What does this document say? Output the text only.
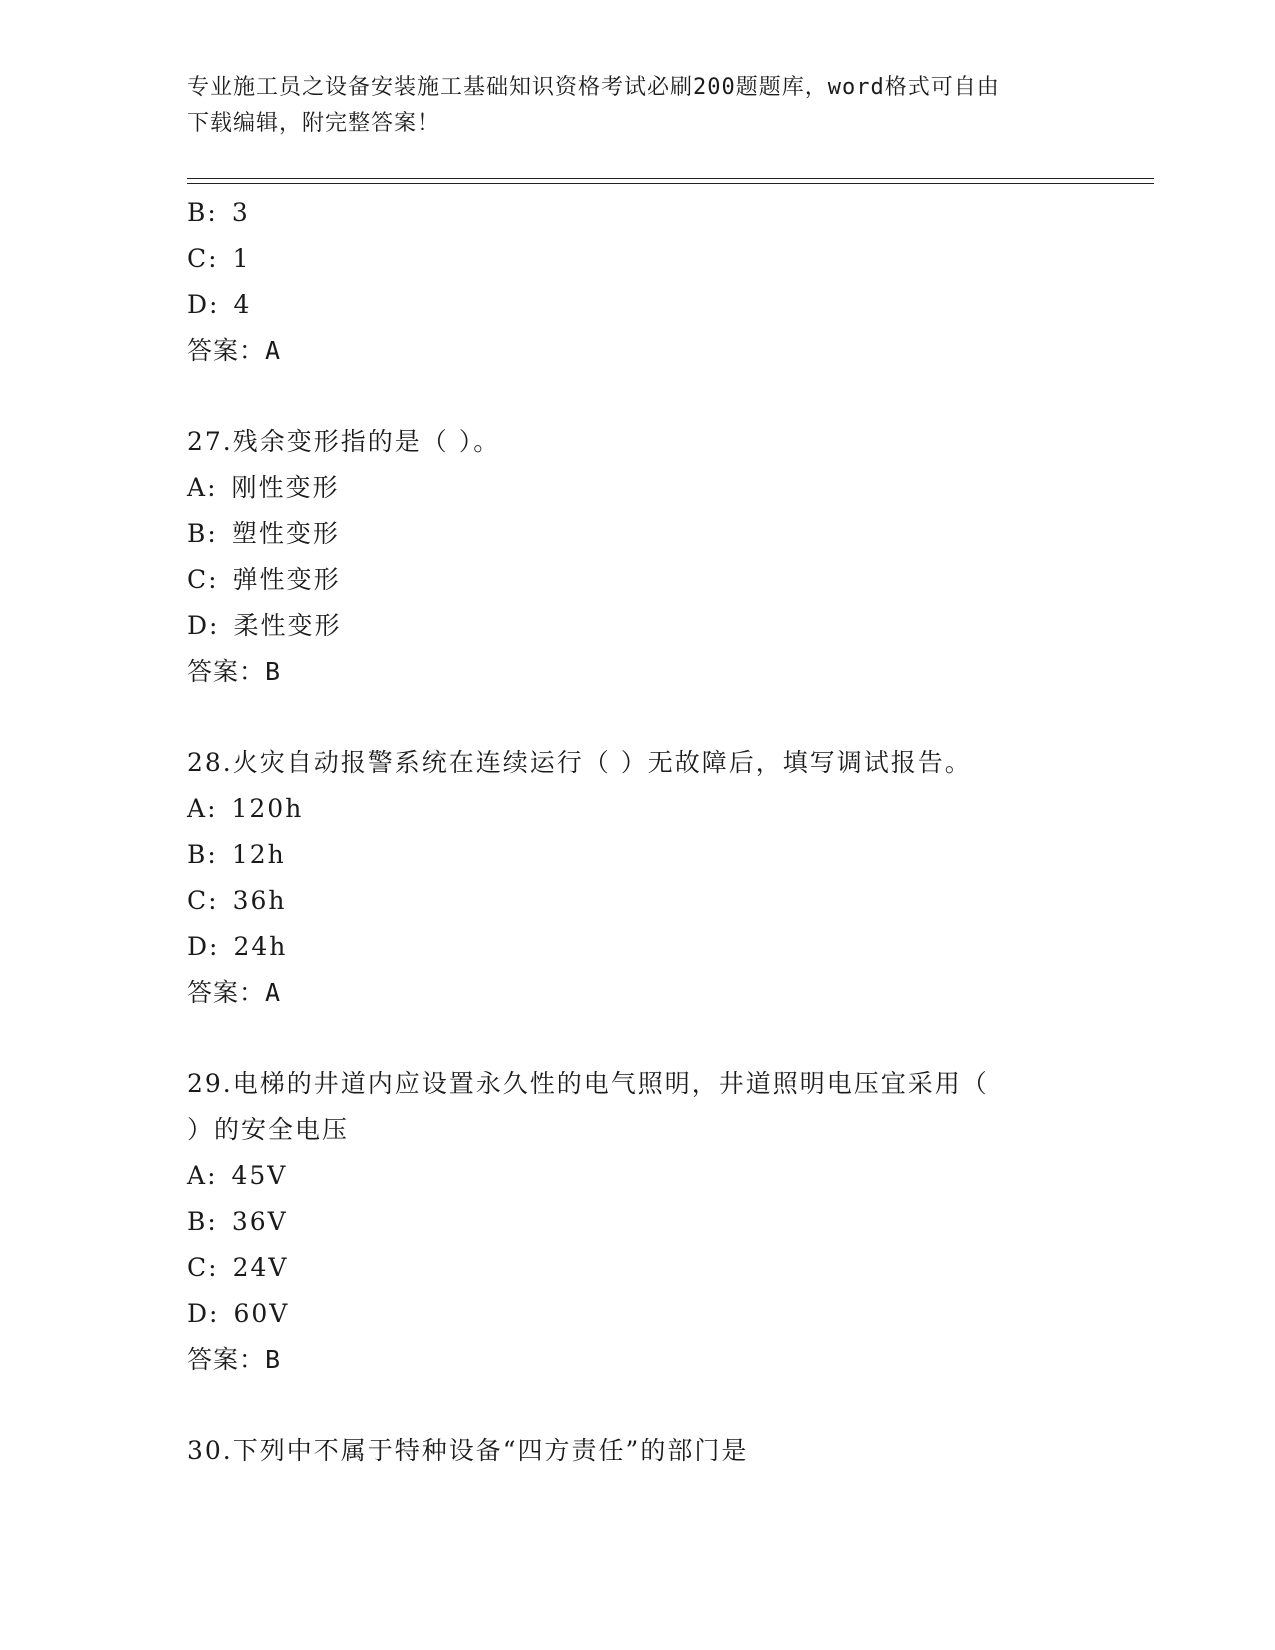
专业施工员之设备安装施工基础知识资格考试必刷200题题库，word格式可自由
下载编辑，附完整答案！
B: 3
C: 1
D: 4
答案：A
27.残余变形指的是（ ）。
A: 刚性变形
B: 塑性变形
C: 弹性变形
D: 柔性变形
答案：B
28.火灾自动报警系统在连续运行（ ）无故障后，填写调试报告。
A: 120h
B: 12h
C: 36h
D: 24h
答案：A
29.电梯的井道内应设置永久性的电气照明，井道照明电压宜采用（
）的安全电压
A: 45V
B: 36V
C: 24V
D: 60V
答案：B
30.下列中不属于特种设备“四方责任”的部门是
